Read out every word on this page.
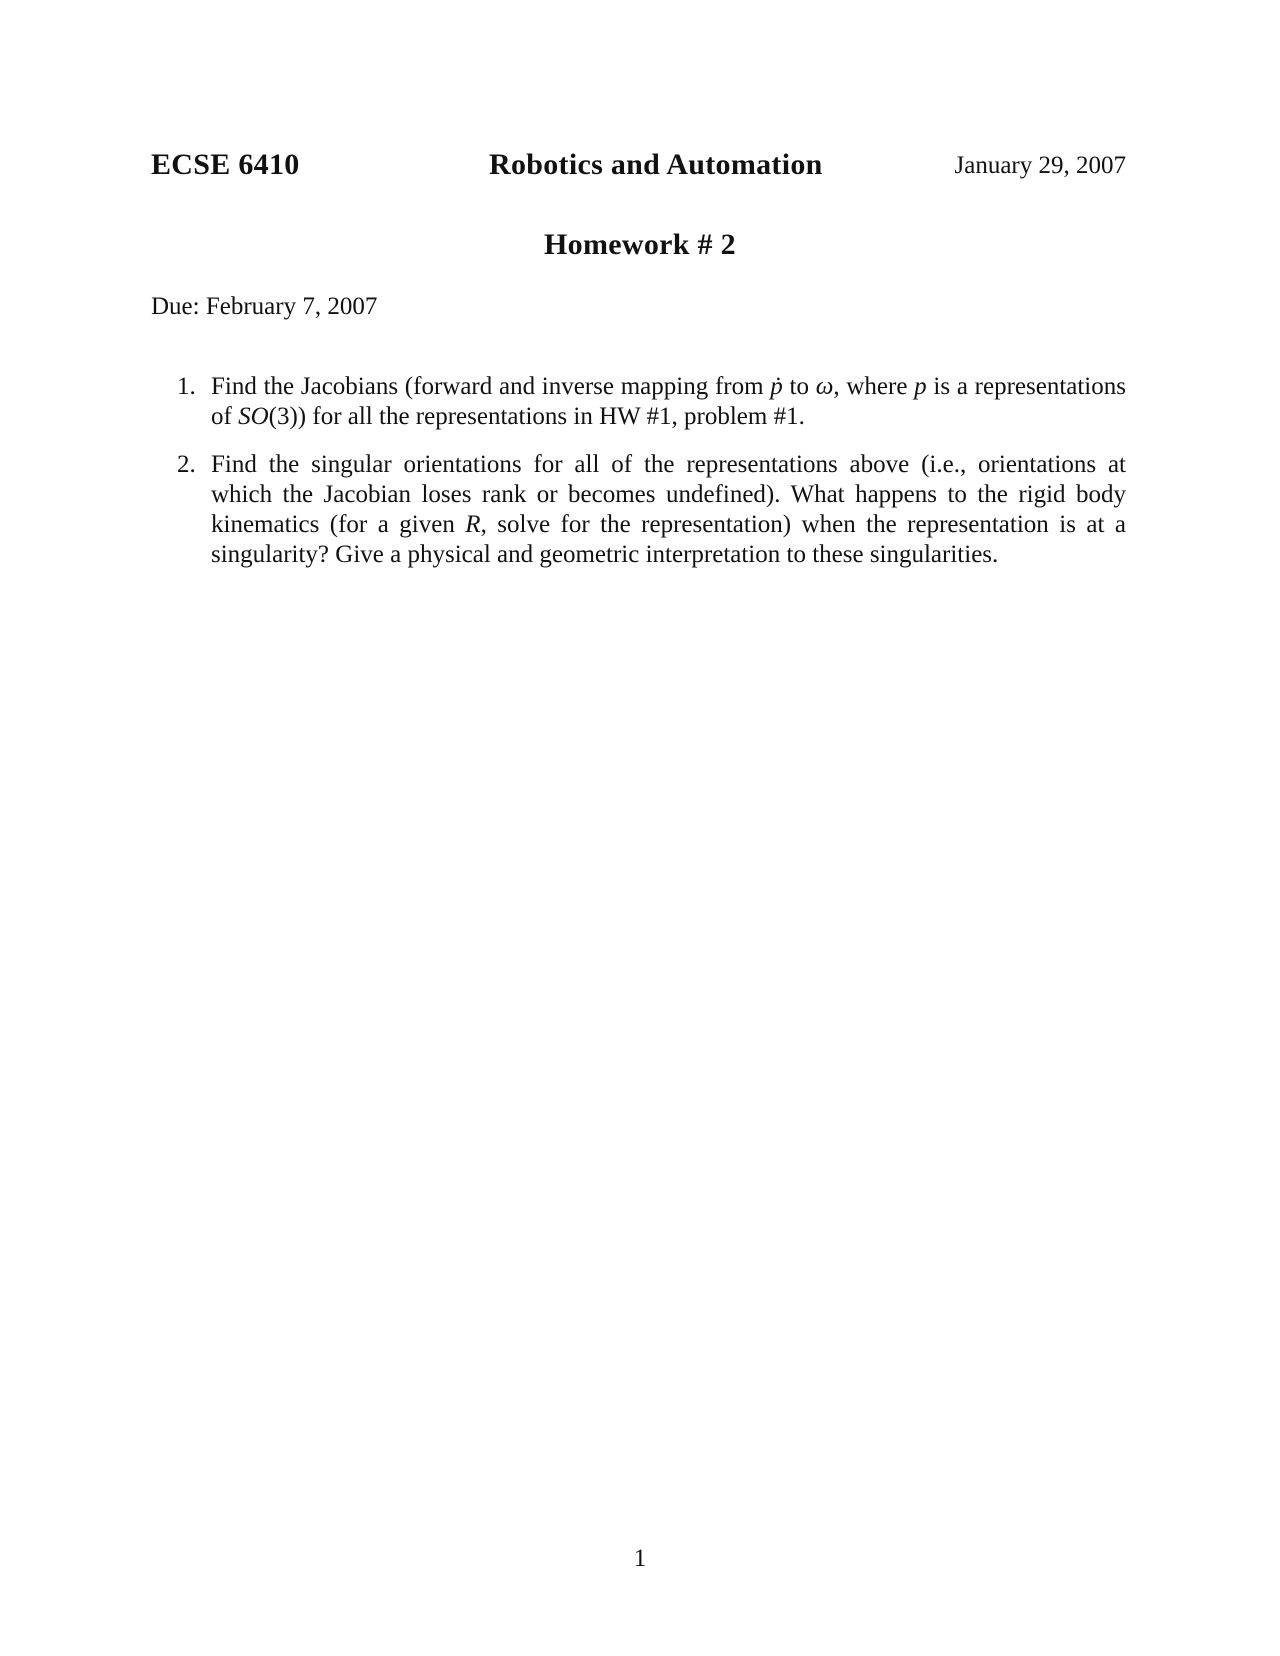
ECSE 6410	Robotics and Automation	January 29, 2007
Homework # 2
Due: February 7, 2007
1. Find the Jacobians (forward and inverse mapping from ṗ to ω, where p is a representations of SO(3)) for all the representations in HW #1, problem #1.
2. Find the singular orientations for all of the representations above (i.e., orientations at which the Jacobian loses rank or becomes undefined). What happens to the rigid body kinematics (for a given R, solve for the representation) when the representation is at a singularity? Give a physical and geometric interpretation to these singularities.
1
